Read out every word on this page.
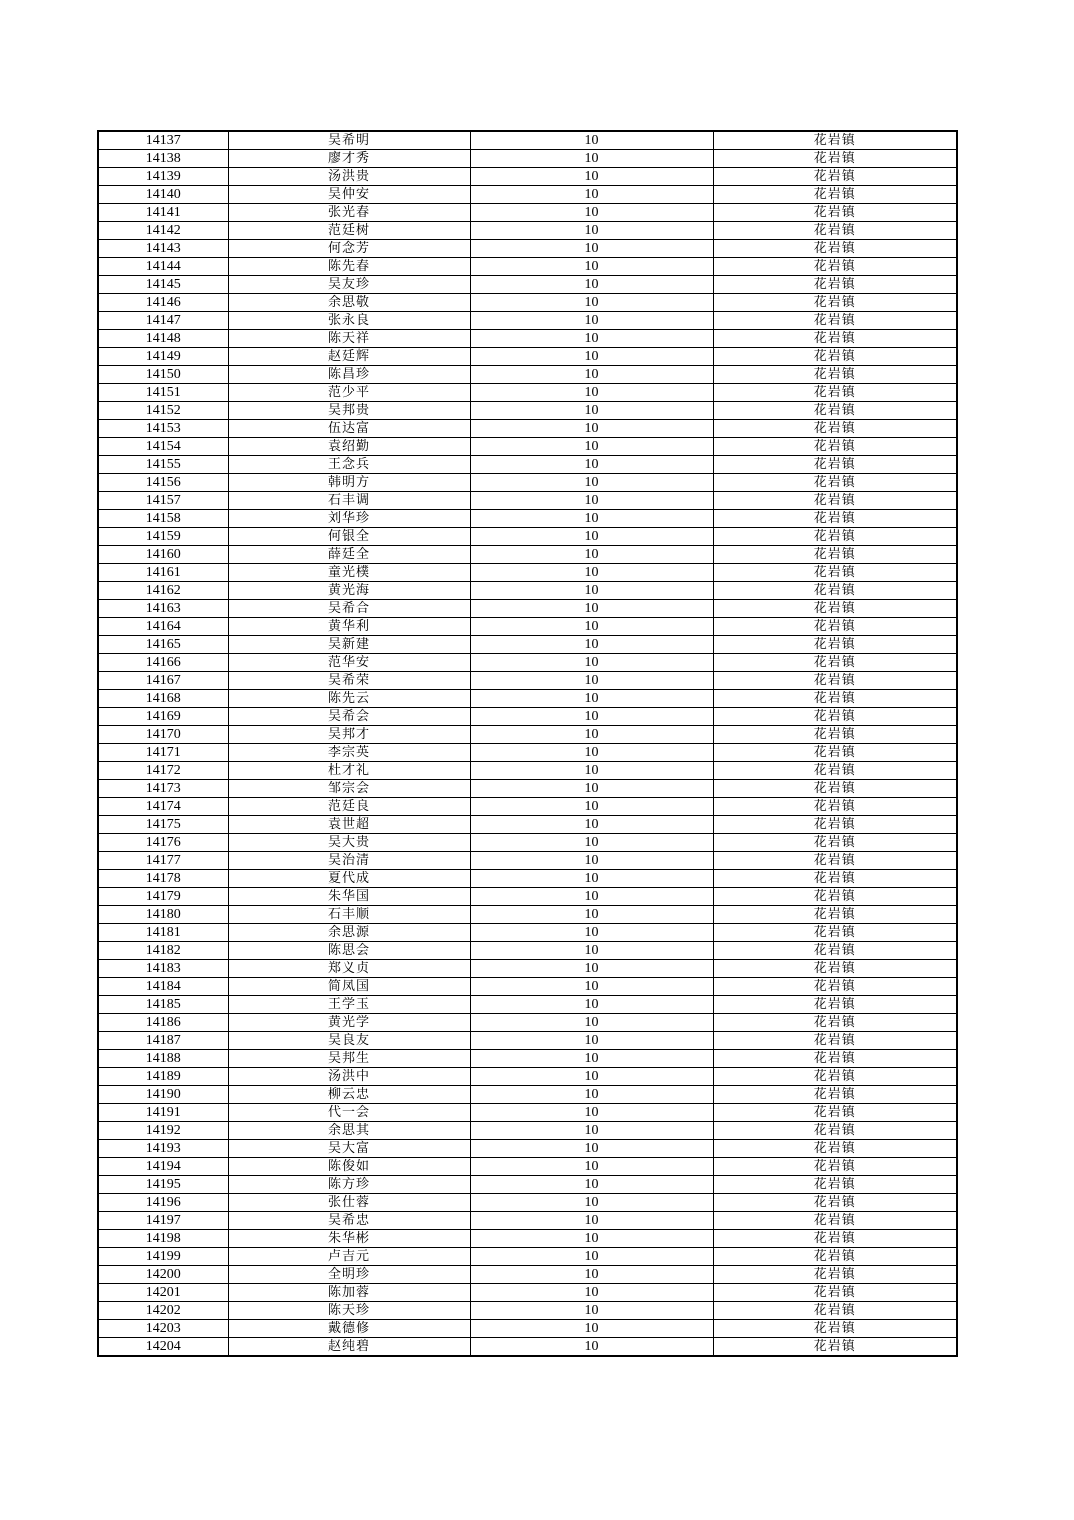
14137	吴希明	10	花岩镇
14138	廖才秀	10	花岩镇
14139	汤洪贵	10	花岩镇
14140	吴仲安	10	花岩镇
14141	张光春	10	花岩镇
14142	范廷树	10	花岩镇
14143	何念芳	10	花岩镇
14144	陈先春	10	花岩镇
14145	吴友珍	10	花岩镇
14146	余思敬	10	花岩镇
14147	张永良	10	花岩镇
14148	陈天祥	10	花岩镇
14149	赵廷辉	10	花岩镇
14150	陈昌珍	10	花岩镇
14151	范少平	10	花岩镇
14152	吴邦贵	10	花岩镇
14153	伍达富	10	花岩镇
14154	袁绍勤	10	花岩镇
14155	王念兵	10	花岩镇
14156	韩明方	10	花岩镇
14157	石丰调	10	花岩镇
14158	刘华珍	10	花岩镇
14159	何银全	10	花岩镇
14160	薛廷全	10	花岩镇
14161	童光樸	10	花岩镇
14162	黄光海	10	花岩镇
14163	吴希合	10	花岩镇
14164	黄华利	10	花岩镇
14165	吴新建	10	花岩镇
14166	范华安	10	花岩镇
14167	吴希荣	10	花岩镇
14168	陈先云	10	花岩镇
14169	吴希会	10	花岩镇
14170	吴邦才	10	花岩镇
14171	李宗英	10	花岩镇
14172	杜才礼	10	花岩镇
14173	邹宗会	10	花岩镇
14174	范廷良	10	花岩镇
14175	袁世超	10	花岩镇
14176	吴大贵	10	花岩镇
14177	吴治清	10	花岩镇
14178	夏代成	10	花岩镇
14179	朱华国	10	花岩镇
14180	石丰顺	10	花岩镇
14181	余思源	10	花岩镇
14182	陈思会	10	花岩镇
14183	郑义贞	10	花岩镇
14184	简凤国	10	花岩镇
14185	王学玉	10	花岩镇
14186	黄光学	10	花岩镇
14187	吴良友	10	花岩镇
14188	吴邦生	10	花岩镇
14189	汤洪中	10	花岩镇
14190	柳云忠	10	花岩镇
14191	代一会	10	花岩镇
14192	余思其	10	花岩镇
14193	吴大富	10	花岩镇
14194	陈俊如	10	花岩镇
14195	陈方珍	10	花岩镇
14196	张仕蓉	10	花岩镇
14197	吴希忠	10	花岩镇
14198	朱华彬	10	花岩镇
14199	卢吉元	10	花岩镇
14200	全明珍	10	花岩镇
14201	陈加蓉	10	花岩镇
14202	陈天珍	10	花岩镇
14203	戴德修	10	花岩镇
14204	赵纯碧	10	花岩镇
